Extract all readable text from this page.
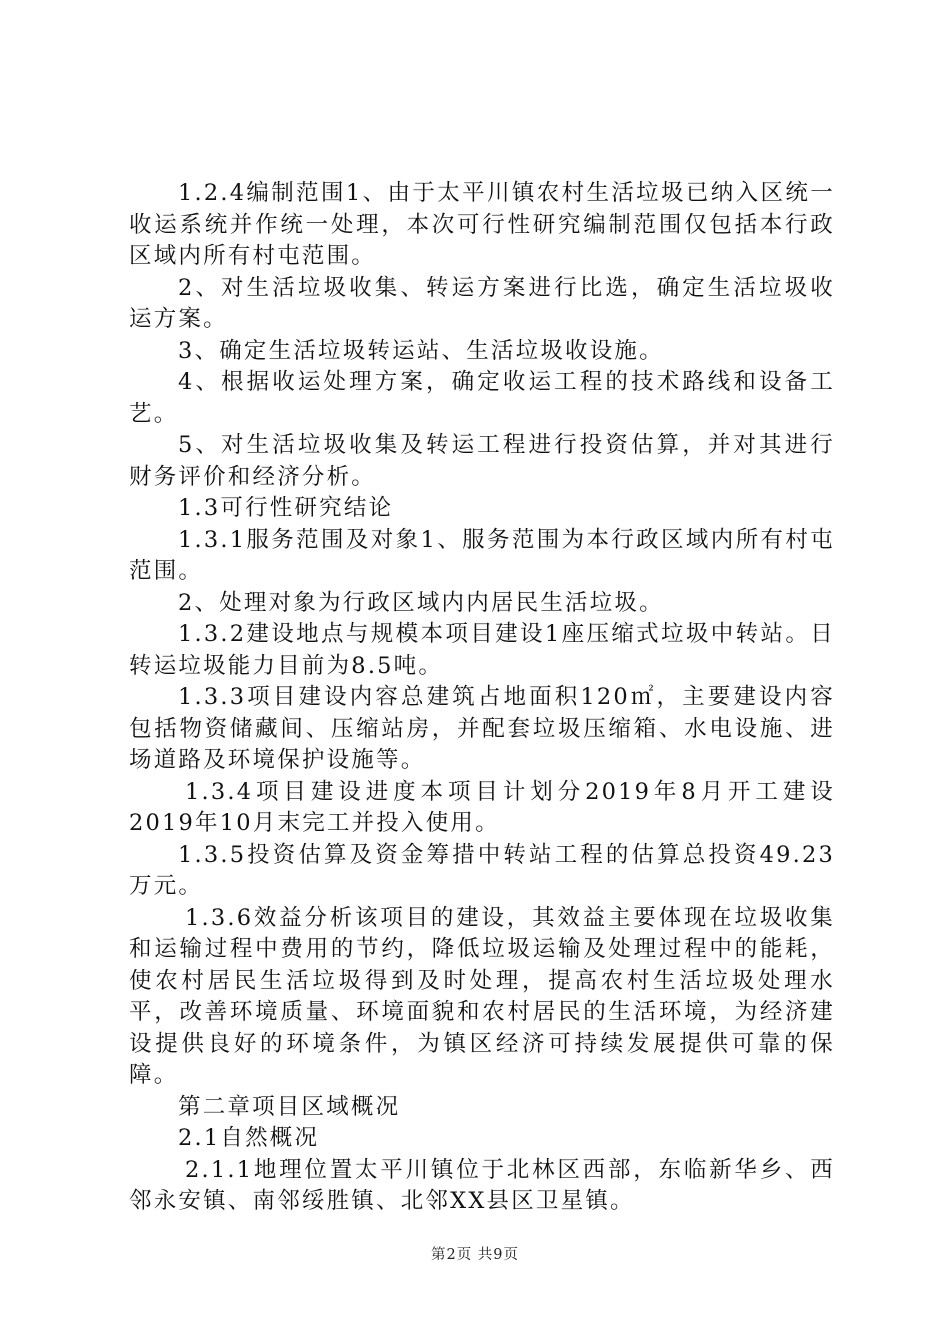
1.2.4编制范围1、由于太平川镇农村生活垃圾已纳入区统一收运系统并作统一处理，本次可行性研究编制范围仅包括本行政区域内所有村屯范围。

2、对生活垃圾收集、转运方案进行比选，确定生活垃圾收运方案。

3、确定生活垃圾转运站、生活垃圾收设施。

4、根据收运处理方案，确定收运工程的技术路线和设备工艺。

5、对生活垃圾收集及转运工程进行投资估算，并对其进行财务评价和经济分析。

1.3可行性研究结论

1.3.1服务范围及对象1、服务范围为本行政区域内所有村屯范围。

2、处理对象为行政区域内内居民生活垃圾。

1.3.2建设地点与规模本项目建设1座压缩式垃圾中转站。日转运垃圾能力目前为8.5吨。

1.3.3项目建设内容总建筑占地面积120㎡，主要建设内容包括物资储藏间、压缩站房，并配套垃圾压缩箱、水电设施、进场道路及环境保护设施等。

1.3.4项目建设进度本项目计划分2019年8月开工建设2019年10月末完工并投入使用。

1.3.5投资估算及资金筹措中转站工程的估算总投资49.23万元。

1.3.6效益分析该项目的建设，其效益主要体现在垃圾收集和运输过程中费用的节约，降低垃圾运输及处理过程中的能耗，使农村居民生活垃圾得到及时处理，提高农村生活垃圾处理水平，改善环境质量、环境面貌和农村居民的生活环境，为经济建设提供良好的环境条件，为镇区经济可持续发展提供可靠的保障。

第二章项目区域概况

2.1自然概况

2.1.1地理位置太平川镇位于北林区西部，东临新华乡、西邻永安镇、南邻绥胜镇、北邻XX县区卫星镇。

第2页 共9页
